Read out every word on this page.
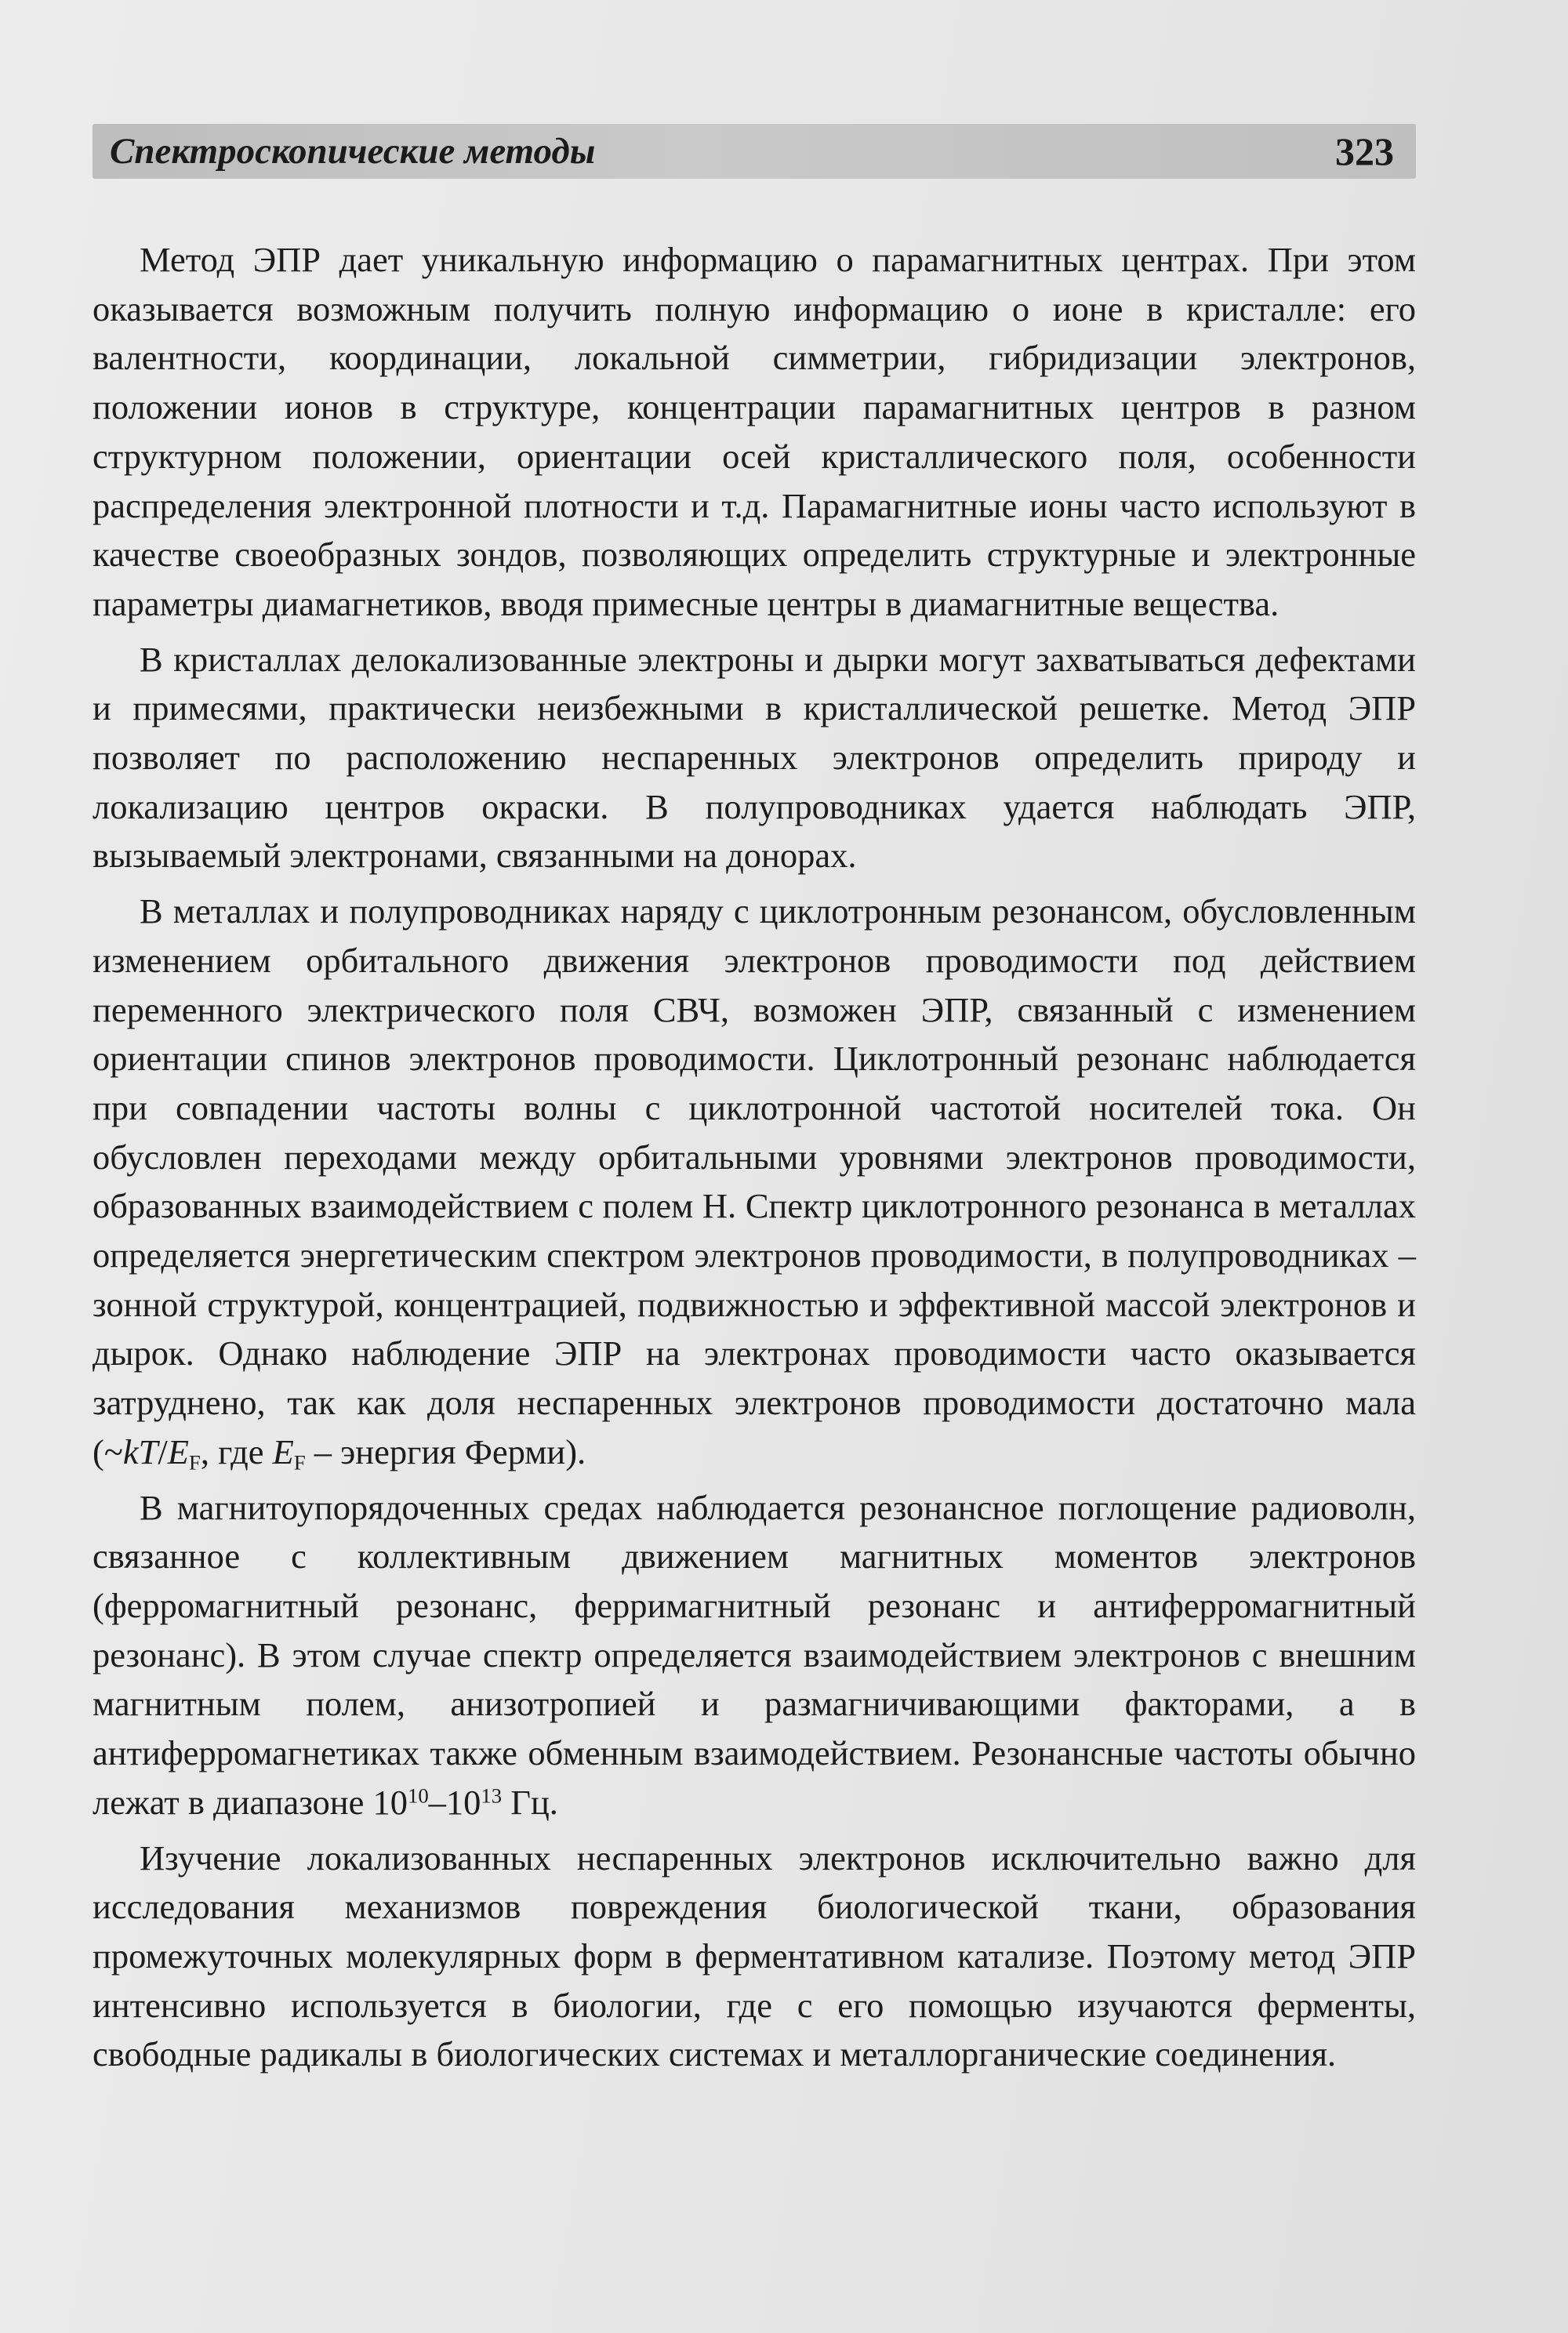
Спектроскопические методы	323

Метод ЭПР дает уникальную информацию о парамагнитных центрах. При этом оказывается возможным получить полную информацию о ионе в кристалле: его валентности, координации, локальной симметрии, гибридизации электронов, положении ионов в структуре, концентрации парамагнитных центров в разном структурном положении, ориентации осей кристаллического поля, особенности распределения электронной плотности и т.д. Парамагнитные ионы часто используют в качестве своеобразных зондов, позволяющих определить структурные и электронные параметры диамагнетиков, вводя примесные центры в диамагнитные вещества.

В кристаллах делокализованные электроны и дырки могут захватываться дефектами и примесями, практически неизбежными в кристаллической решетке. Метод ЭПР позволяет по расположению неспаренных электронов определить природу и локализацию центров окраски. В полупроводниках удается наблюдать ЭПР, вызываемый электронами, связанными на донорах.

В металлах и полупроводниках наряду с циклотронным резонансом, обусловленным изменением орбитального движения электронов проводимости под действием переменного электрического поля СВЧ, возможен ЭПР, связанный с изменением ориентации спинов электронов проводимости. Циклотронный резонанс наблюдается при совпадении частоты волны с циклотронной частотой носителей тока. Он обусловлен переходами между орбитальными уровнями электронов проводимости, образованных взаимодействием с полем Н. Спектр циклотронного резонанса в металлах определяется энергетическим спектром электронов проводимости, в полупроводниках – зонной структурой, концентрацией, подвижностью и эффективной массой электронов и дырок. Однако наблюдение ЭПР на электронах проводимости часто оказывается затруднено, так как доля неспаренных электронов проводимости достаточно мала ($\sim kT/E_F$, где $E_F$ – энергия Ферми).

В магнитоупорядоченных средах наблюдается резонансное поглощение радиоволн, связанное с коллективным движением магнитных моментов электронов (ферромагнитный резонанс, ферримагнитный резонанс и антиферромагнитный резонанс). В этом случае спектр определяется взаимодействием электронов с внешним магнитным полем, анизотропией и размагничивающими факторами, а в антиферромагнетиках также обменным взаимодействием. Резонансные частоты обычно лежат в диапазоне $10^{10}-10^{13}$ Гц.

Изучение локализованных неспаренных электронов исключительно важно для исследования механизмов повреждения биологической ткани, образования промежуточных молекулярных форм в ферментативном катализе. Поэтому метод ЭПР интенсивно используется в биологии, где с его помощью изучаются ферменты, свободные радикалы в биологических системах и металлорганические соединения.
